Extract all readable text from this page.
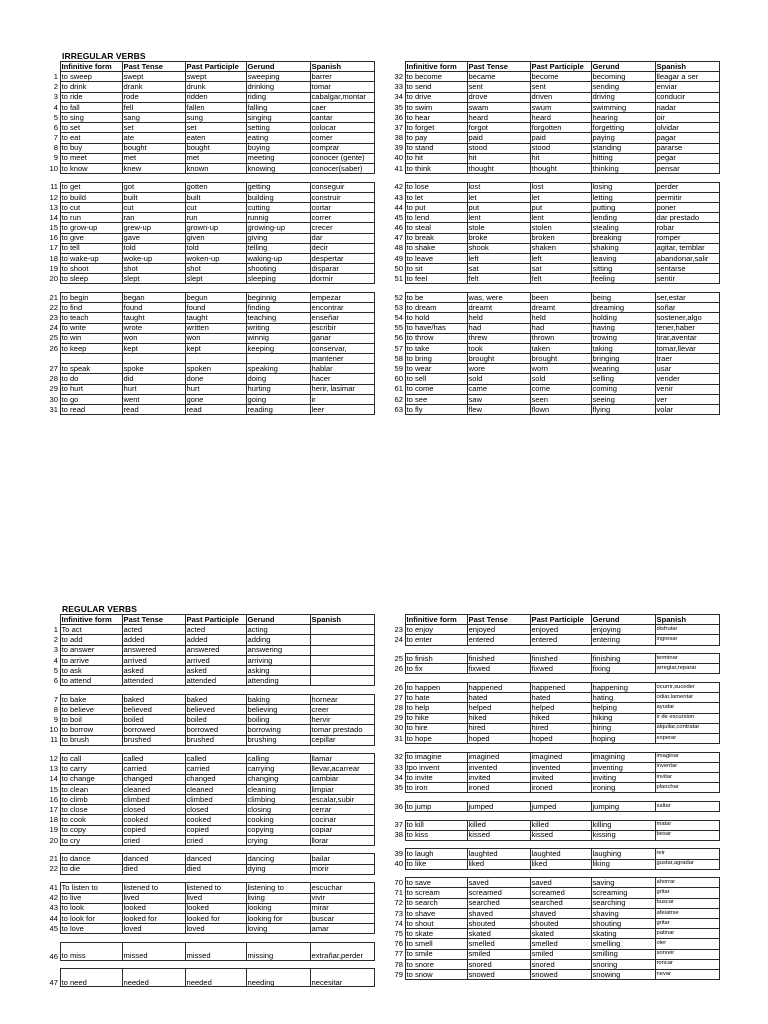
IRREGULAR VERBS
	Infinitive form	Past Tense	Past Participle	Gerund	Spanish
1	to sweep	swept	swept	sweeping	barrer
2	to drink	drank	drunk	drinking	tomar
3	to ride	rode	ridden	riding	cabalgar,montar
4	to fall	fell	fallen	falling	caer
5	to sing	sang	sung	singing	cantar
6	to set	set	set	setting	colocar
7	to eat	ate	eaten	eating	comer
8	to buy	bought	bought	buying	comprar
9	to meet	met	met	meeting	conocer (gente)
10	to know	knew	known	knowing	conocer(saber)

11	to get	got	gotten	getting	conseguir
12	to build	built	built	building	construir
13	to cut	cut	cut	cutting	cortar
14	to run	ran	run	runnig	correr
15	to grow-up	grew-up	grown-up	growing-up	crecer
16	to give	gave	given	giving	dar
17	to tell	told	told	telling	decir
18	to wake-up	woke-up	woken-up	waking-up	despertar
19	to shoot	shot	shot	shooting	disparar
20	to sleep	slept	slept	sleeping	dormir

21	to begin	began	begun	beginnig	empezar
22	to find	found	found	finding	encontrar
23	to teach	taught	taught	teaching	enseñar
24	to write	wrote	written	writing	escribir
25	to win	won	won	winnig	ganar
26	to keep	kept	kept	keeping	conservar,
					mantener
27	to speak	spoke	spoken	speaking	hablar
28	to do	did	done	doing	hacer
29	to hurt	hurt	hurt	hurting	herir, lasimar
30	to go	went	gone	going	ir
31	to read	read	read	reading	leer
	Infinitive form	Past Tense	Past Participle	Gerund	Spanish
32	to become	became	become	becoming	lleagar a ser
33	to send	sent	sent	sending	enviar
34	to drive	drove	driven	driving	conducir
35	to swim	swam	swum	swimming	nadar
36	to hear	heard	heard	hearing	oir
37	to forget	forgot	forgotten	forgetting	olvidar
38	to pay	paid	paid	paying	pagar
39	to stand	stood	stood	standing	pararse
40	to hit	hit	hit	hitting	pegar
41	to think	thought	thought	thinking	pensar

42	to lose	lost	lost	losing	perder
43	to let	let	let	letting	permitir
44	to put	put	put	putting	poner
45	to lend	lent	lent	lending	dar prestado
46	to steal	stole	stolen	stealing	robar
47	to break	broke	broken	breaking	romper
48	to shake	shook	shaken	shaking	agitar, temblar
49	to leave	left	left	leaving	abandonar,salir
50	to sit	sat	sat	sitting	sentarse
51	to feel	felt	felt	feeling	sentir

52	to be	was, were	been	being	ser,estar
53	to dream	dreamt	dreamt	dreaming	soñar
54	to hold	held	held	holding	sostener,algo
55	to have/has	had	had	having	tener,haber
56	to throw	threw	thrown	trowing	tirar,aventar
57	to take	took	taken	taking	tomar,llevar
58	to bring	brought	brought	bringing	traer
59	to wear	wore	worn	wearing	usar
60	to sell	sold	sold	selling	vender
61	to come	came	come	coming	venir
62	to see	saw	seen	seeing	ver
63	to fly	flew	flown	flying	volar
REGULAR VERBS
	Infinitive form	Past Tense	Past Participle	Gerund	Spanish
1	To act	acted	acted	acting	
2	to add	added	added	adding	
3	to answer	answered	answered	answering	
4	to arrive	arrived	arrived	arriving	
5	to ask	asked	asked	asking	
6	to attend	attended	attended	attending	

7	to bake	baked	baked	baking	hornear
8	to believe	believed	believed	believing	creer
9	to boil	boiled	boiled	boiling	hervir
10	to borrow	borrowed	borrowed	borrowing	tomar prestado
11	to brush	brushed	brushed	brushing	cepillar

12	to call	called	called	calling	llamar
13	to carry	carried	carried	carrying	llevar,acarrear
14	to change	changed	changed	changing	cambiar
15	to clean	cleaned	cleaned	cleaning	limpiar
16	to climb	climbed	climbed	climbing	escalar,subir
17	to close	closed	closed	closing	cerrar
18	to cook	cooked	cooked	cooking	cocinar
19	to copy	copied	copied	copying	copiar
20	to cry	cried	cried	crying	llorar

21	to dance	danced	danced	dancing	bailar
22	to die	died	died	dying	morir

41	To listen to	listened to	listened to	listening to	escuchar
42	to live	lived	lived	living	vivir
43	to look	looked	looked	looking	mirar
44	to look for	looked for	looked for	looking for	buscar
45	to love	loved	loved	loving	amar

46	to miss	missed	missed	missing	extrañar,perder

47	to need	needed	needed	needing	necesitar
	Infinitive form	Past Tense	Past Participle	Gerund	Spanish
23	to enjoy	enjoyed	enjoyed	enjoying	disfrutar
24	to enter	entered	entered	entering	ingresar

25	to finish	finished	finished	finishing	terminar
26	to fix	fixwed	fixwed	fixing	arreglar,reparar

26	to happen	happened	happened	happening	ocurrir,suceder
27	to hate	hated	hated	hating	odiar,lamentar
28	to help	helped	helped	helping	ayudar
29	to hike	hiked	hiked	hiking	ir de excursion
30	to hire	hired	hired	hiring	alquilar,contratar
31	to hope	hoped	hoped	hoping	esperar

32	to imagine	imagined	imagined	imagining	imaginar
33	tpo invent	invented	invented	inventing	inventar
34	to invite	invited	invited	inviting	invitar
35	to iron	ironed	ironed	ironing	planchar

36	to jump	jumped	jumped	jumping	saltar

37	to kill	killed	killed	killing	matar
38	to kiss	kissed	kissed	kissing	besar

39	to laugh	laughted	laughted	laughing	reir
40	to like	liked	liked	liking	gustar,agradar

70	to save	saved	saved	saving	ahorrar
71	to scream	screamed	screamed	screaming	gritar
72	to search	searched	searched	searching	buscar
73	to shave	shaved	shaved	shaving	afeiatrse
74	to shout	shouted	shouted	shouting	gritar
75	to skate	skated	skated	skating	patinar
76	to smell	smelled	smelled	smelling	oler
77	to smile	smiled	smiled	smilling	sonreir
78	to snore	snored	snored	snoring	roncar
79	to snow	snowed	snowed	snowing	nevar
